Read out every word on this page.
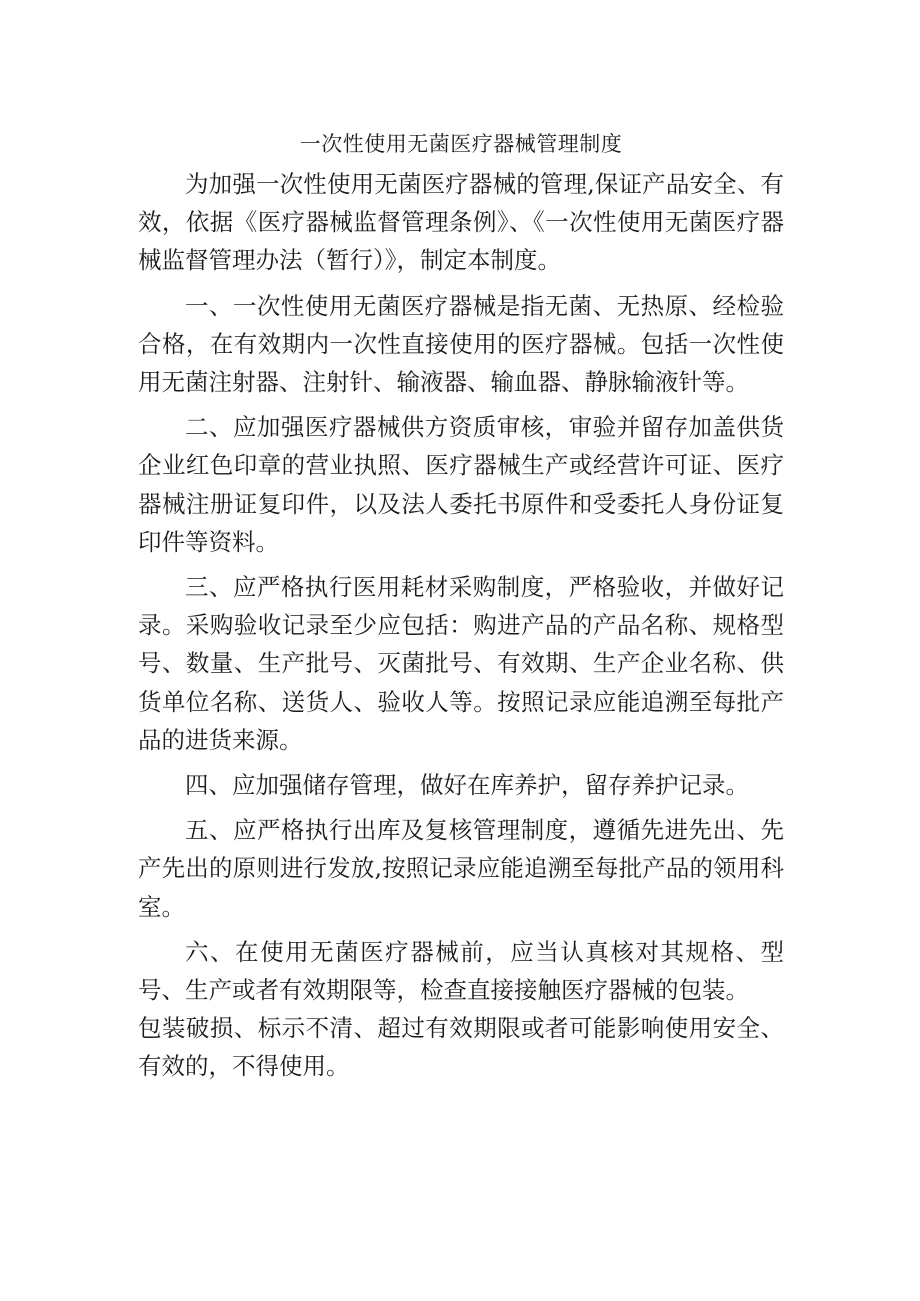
一次性使用无菌医疗器械管理制度

为加强一次性使用无菌医疗器械的管理,保证产品安全、有效，依据《医疗器械监督管理条例》、《一次性使用无菌医疗器械监督管理办法（暂行）》，制定本制度。

一、一次性使用无菌医疗器械是指无菌、无热原、经检验合格，在有效期内一次性直接使用的医疗器械。包括一次性使用无菌注射器、注射针、输液器、输血器、静脉输液针等。

二、应加强医疗器械供方资质审核，审验并留存加盖供货企业红色印章的营业执照、医疗器械生产或经营许可证、医疗器械注册证复印件，以及法人委托书原件和受委托人身份证复印件等资料。

三、应严格执行医用耗材采购制度，严格验收，并做好记录。采购验收记录至少应包括：购进产品的产品名称、规格型号、数量、生产批号、灭菌批号、有效期、生产企业名称、供货单位名称、送货人、验收人等。按照记录应能追溯至每批产品的进货来源。

四、应加强储存管理，做好在库养护，留存养护记录。

五、应严格执行出库及复核管理制度，遵循先进先出、先产先出的原则进行发放,按照记录应能追溯至每批产品的领用科室。

六、在使用无菌医疗器械前，应当认真核对其规格、型号、生产或者有效期限等，检查直接接触医疗器械的包装。

包装破损、标示不清、超过有效期限或者可能影响使用安全、有效的，不得使用。
